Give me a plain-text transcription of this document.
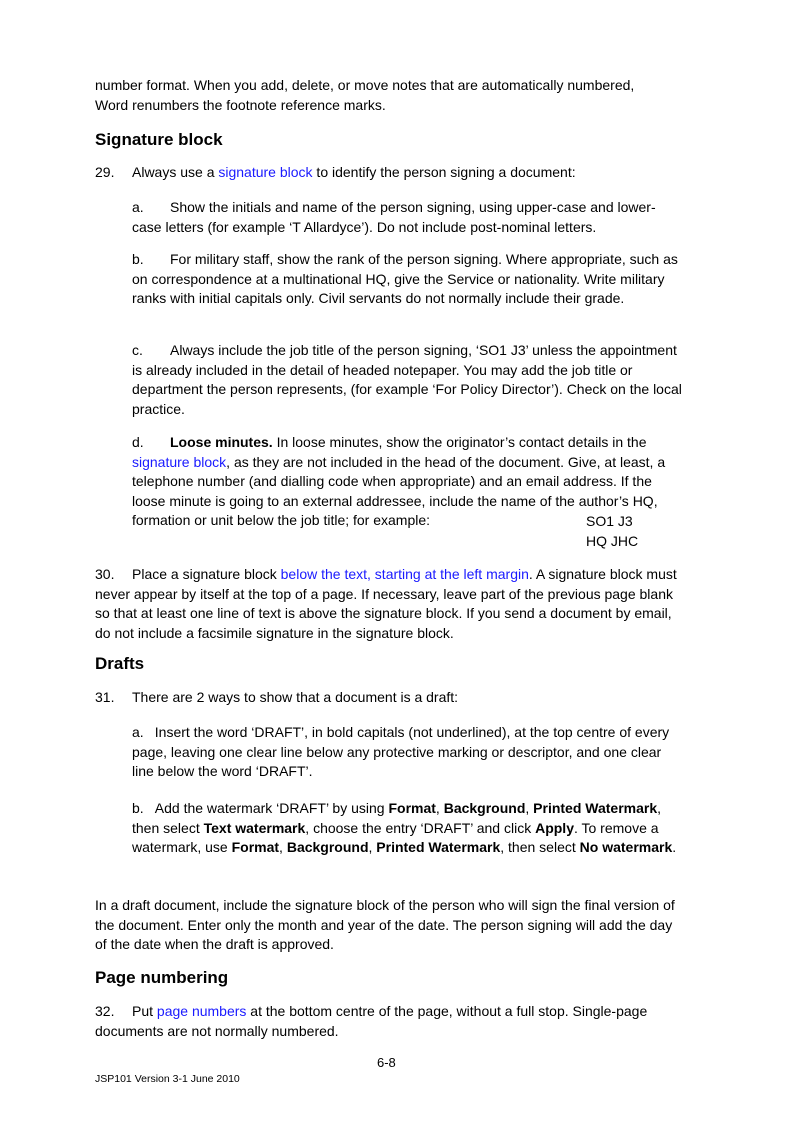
number format. When you add, delete, or move notes that are automatically numbered,
Word renumbers the footnote reference marks.

Signature block

29. Always use a signature block to identify the person signing a document:

a. Show the initials and name of the person signing, using upper-case and lower-case letters (for example ‘T Allardyce’). Do not include post-nominal letters.

b. For military staff, show the rank of the person signing. Where appropriate, such as on correspondence at a multinational HQ, give the Service or nationality. Write military ranks with initial capitals only. Civil servants do not normally include their grade.

c. Always include the job title of the person signing, ‘SO1 J3’ unless the appointment is already included in the detail of headed notepaper. You may add the job title or department the person represents, (for example ‘For Policy Director’). Check on the local practice.

d. Loose minutes. In loose minutes, show the originator’s contact details in the signature block, as they are not included in the head of the document. Give, at least, a telephone number (and dialling code when appropriate) and an email address. If the loose minute is going to an external addressee, include the name of the author’s HQ, formation or unit below the job title; for example:	SO1 J3
HQ JHC

30. Place a signature block below the text, starting at the left margin. A signature block must never appear by itself at the top of a page. If necessary, leave part of the previous page blank so that at least one line of text is above the signature block. If you send a document by email, do not include a facsimile signature in the signature block.

Drafts

31. There are 2 ways to show that a document is a draft:

a. Insert the word ‘DRAFT’, in bold capitals (not underlined), at the top centre of every page, leaving one clear line below any protective marking or descriptor, and one clear line below the word ‘DRAFT’.

b. Add the watermark ‘DRAFT’ by using Format, Background, Printed Watermark, then select Text watermark, choose the entry ‘DRAFT’ and click Apply. To remove a watermark, use Format, Background, Printed Watermark, then select No watermark.

In a draft document, include the signature block of the person who will sign the final version of the document. Enter only the month and year of the date. The person signing will add the day of the date when the draft is approved.

Page numbering

32. Put page numbers at the bottom centre of the page, without a full stop. Single-page documents are not normally numbered.

6-8
JSP101 Version 3-1 June 2010
